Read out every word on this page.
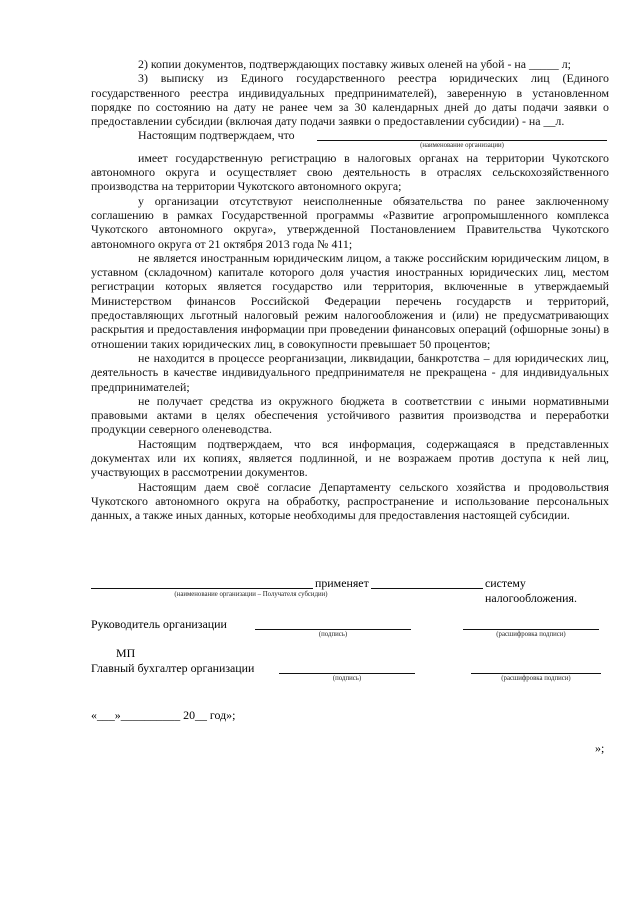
2) копии документов, подтверждающих поставку живых оленей на убой - на _____ л;

3) выписку из Единого государственного реестра юридических лиц (Единого государственного реестра индивидуальных предпринимателей), заверенную в установленном порядке по состоянию на дату не ранее чем за 30 календарных дней до даты подачи заявки о предоставлении субсидии (включая дату подачи заявки о предоставлении субсидии) - на __л.

Настоящим подтверждаем, что
(наименование организации)

имеет государственную регистрацию в налоговых органах на территории Чукотского автономного округа и осуществляет свою деятельность в отраслях сельскохозяйственного производства на территории Чукотского автономного округа;

у организации отсутствуют неисполненные обязательства по ранее заключенному соглашению в рамках Государственной программы «Развитие агропромышленного комплекса Чукотского автономного округа», утвержденной Постановлением Правительства Чукотского автономного округа от 21 октября 2013 года № 411;

не является иностранным юридическим лицом, а также российским юридическим лицом, в уставном (складочном) капитале которого доля участия иностранных юридических лиц, местом регистрации которых является государство или территория, включенные в утверждаемый Министерством финансов Российской Федерации перечень государств и территорий, предоставляющих льготный налоговый режим налогообложения и (или) не предусматривающих раскрытия и предоставления информации при проведении финансовых операций (офшорные зоны) в отношении таких юридических лиц, в совокупности превышает 50 процентов;

не находится в процессе реорганизации, ликвидации, банкротства – для юридических лиц, деятельность в качестве индивидуального предпринимателя не прекращена - для индивидуальных предпринимателей;

не получает средства из окружного бюджета в соответствии с иными нормативными правовыми актами в целях обеспечения устойчивого развития производства и переработки продукции северного оленеводства.

Настоящим подтверждаем, что вся информация, содержащаяся в представленных документах или их копиях, является подлинной, и не возражаем против доступа к ней лиц, участвующих в рассмотрении документов.

Настоящим даем своё согласие Департаменту сельского хозяйства и продовольствия Чукотского автономного округа на обработку, распространение и использование персональных данных, а также иных данных, которые необходимы для предоставления настоящей субсидии.

применяет	систему налогообложения.
(наименование организации – Получателя субсидии)
Руководитель организации
(подпись)	(расшифровка подписи)
МП
Главный бухгалтер организации
(подпись)	(расшифровка подписи)
«___»__________ 20__ год»;
»;
